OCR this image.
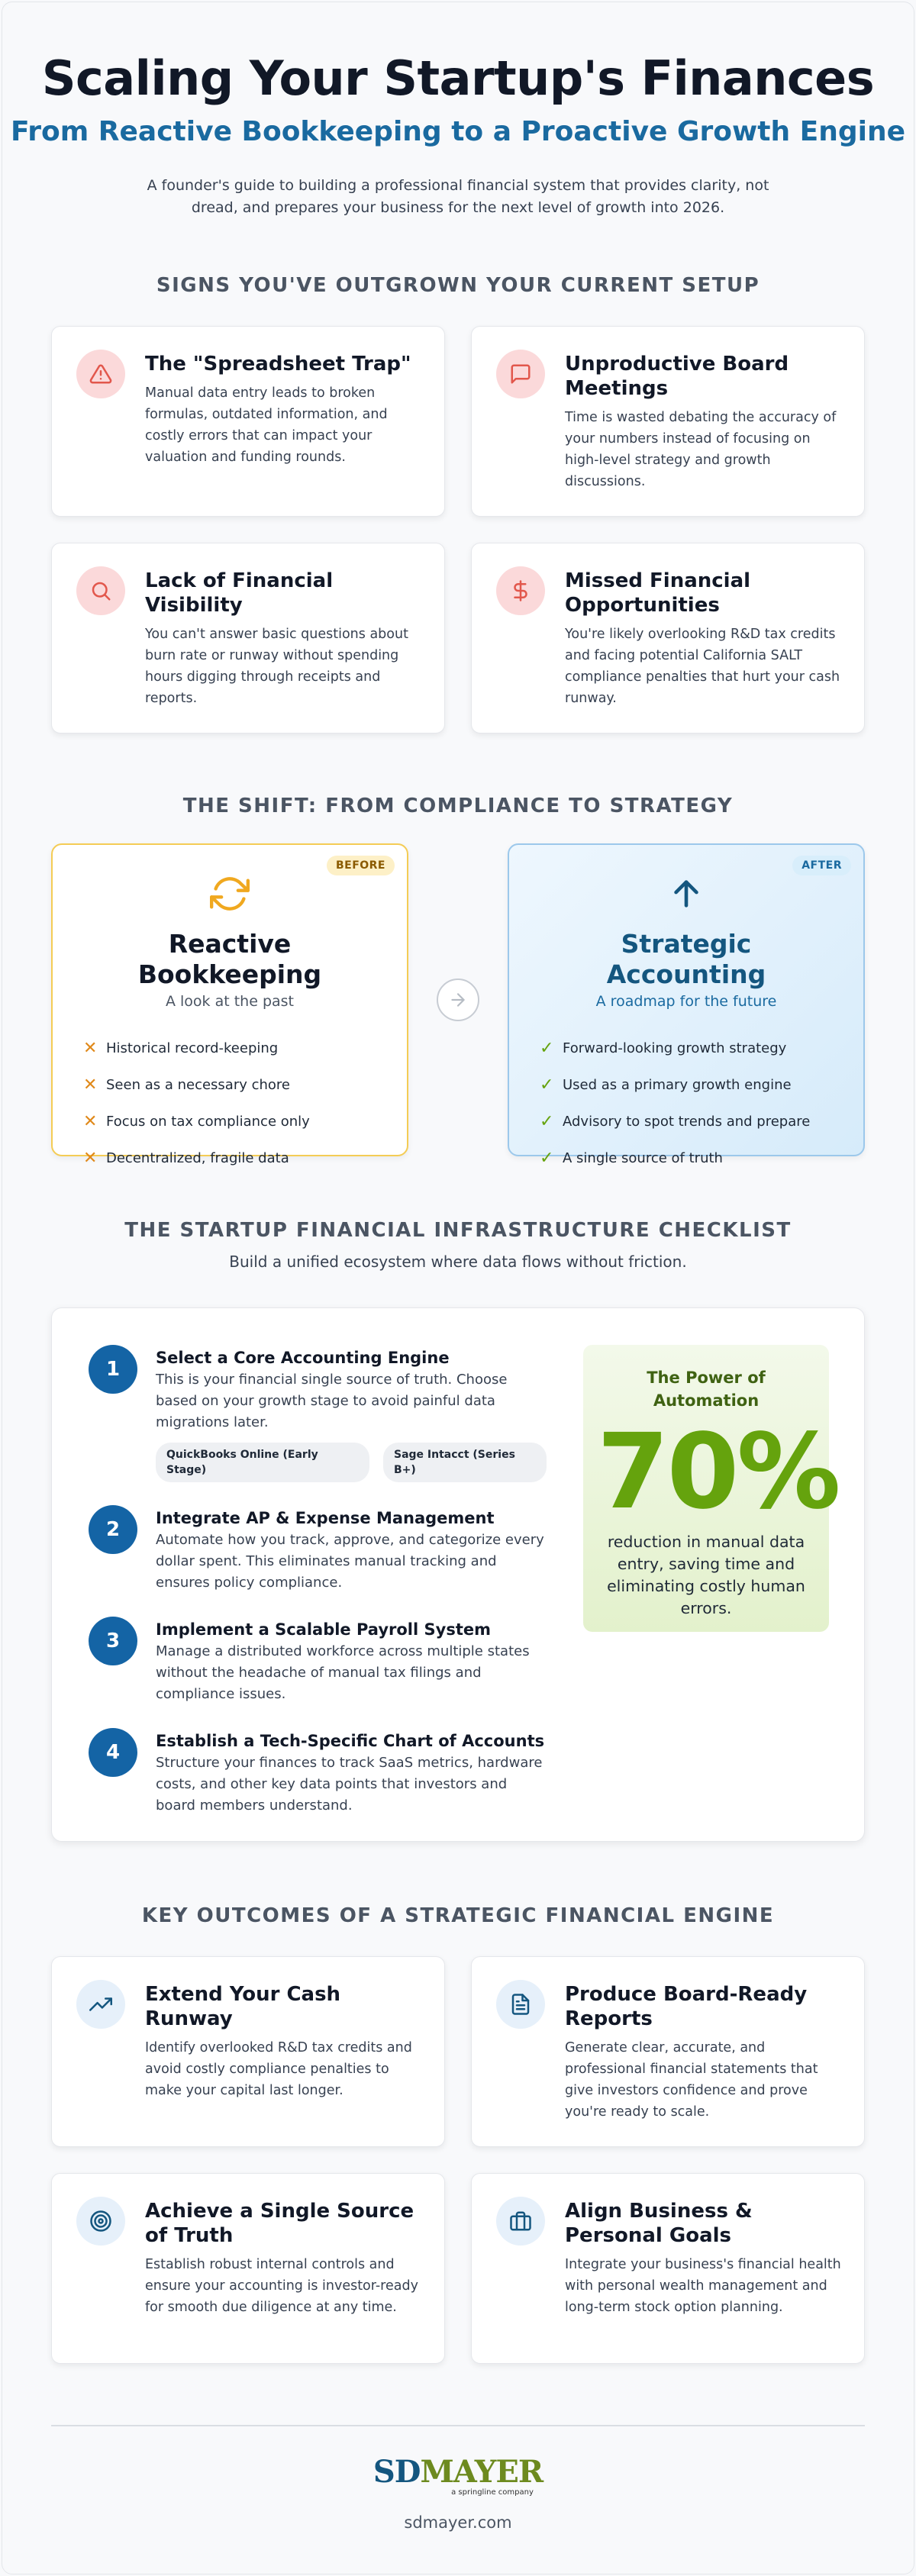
Scaling Your Startup's Finances
From Reactive Bookkeeping to a Proactive Growth Engine

A founder's guide to building a professional financial system that provides clarity, not dread, and prepares your business for the next level of growth into 2026.

SIGNS YOU'VE OUTGROWN YOUR CURRENT SETUP
The "Spreadsheet Trap"

Manual data entry leads to broken formulas, outdated information, and costly errors that can impact your valuation and funding rounds.

Unproductive Board Meetings

Time is wasted debating the accuracy of your numbers instead of focusing on high-level strategy and growth discussions.

Lack of Financial Visibility

You can't answer basic questions about burn rate or runway without spending hours digging through receipts and reports.

Missed Financial Opportunities

You're likely overlooking R&D tax credits and facing potential California SALT compliance penalties that hurt your cash runway.

THE SHIFT: FROM COMPLIANCE TO STRATEGY
BEFORE
Reactive Bookkeeping
A look at the past
✕ Historical record-keeping
✕ Seen as a necessary chore
✕ Focus on tax compliance only
✕ Decentralized, fragile data
AFTER
Strategic Accounting
A roadmap for the future
✓ Forward-looking growth strategy
✓ Used as a primary growth engine
✓ Advisory to spot trends and prepare
✓ A single source of truth
THE STARTUP FINANCIAL INFRASTRUCTURE CHECKLIST
Build a unified ecosystem where data flows without friction.
1	Select a Core Accounting Engine

This is your financial single source of truth. Choose based on your growth stage to avoid painful data migrations later.

QuickBooks Online (Early Stage)
Sage Intacct (Series B+)
2	Integrate AP & Expense Management

Automate how you track, approve, and categorize every dollar spent. This eliminates manual tracking and ensures policy compliance.

3	Implement a Scalable Payroll System

Manage a distributed workforce across multiple states without the headache of manual tax filings and compliance issues.

4	Establish a Tech-Specific Chart of Accounts

Structure your finances to track SaaS metrics, hardware costs, and other key data points that investors and board members understand.

The Power of Automation
70%
reduction in manual data entry, saving time and eliminating costly human errors.
KEY OUTCOMES OF A STRATEGIC FINANCIAL ENGINE
Extend Your Cash Runway

Identify overlooked R&D tax credits and avoid costly compliance penalties to make your capital last longer.

Produce Board-Ready Reports

Generate clear, accurate, and professional financial statements that give investors confidence and prove you're ready to scale.

Achieve a Single Source of Truth

Establish robust internal controls and ensure your accounting is investor-ready for smooth due diligence at any time.

Align Business & Personal Goals

Integrate your business's financial health with personal wealth management and long-term stock option planning.

SDMAYER
a springline company
sdmayer.com
